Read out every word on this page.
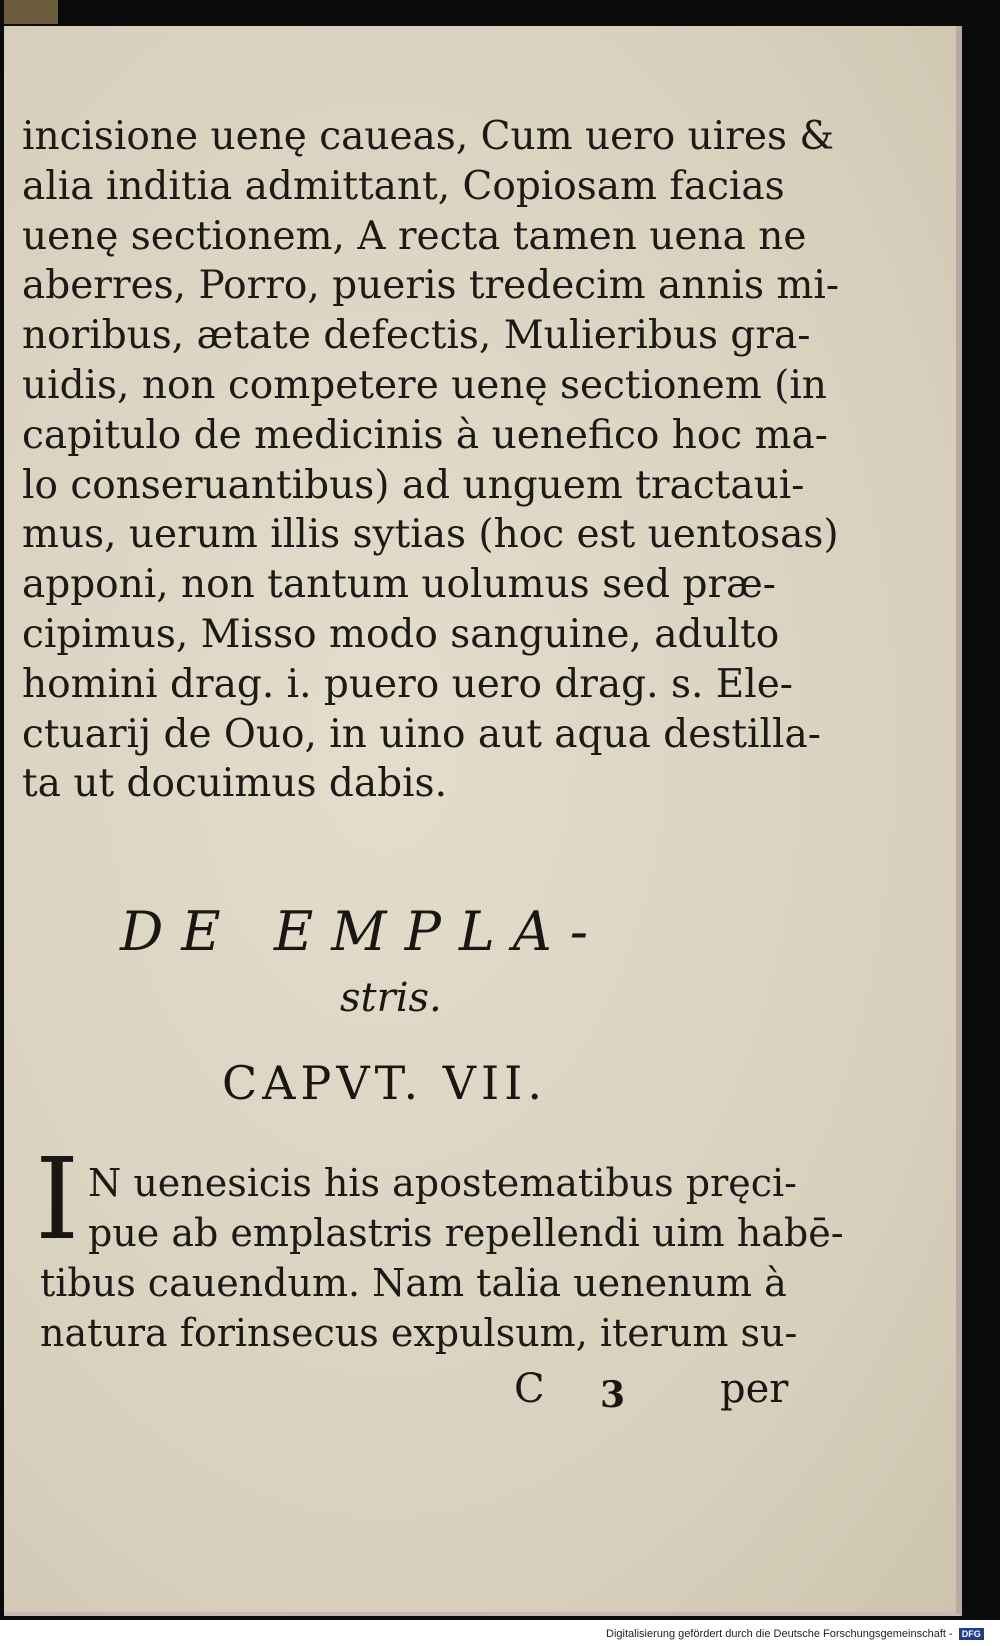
incisione uenę caueas, Cum uero uires &
alia inditia admittant, Copiosam facias
uenę sectionem, A recta tamen uena ne
aberres, Porro, pueris tredecim annis mi-
noribus, ætate defectis, Mulieribus gra-
uidis, non competere uenę sectionem (in
capitulo de medicinis à uenefico hoc ma-
lo conseruantibus) ad unguem tractaui-
mus, uerum illis sytias (hoc est uentosas)
apponi, non tantum uolumus sed præ-
cipimus, Misso modo sanguine, adulto
homini drag. i. puero uero drag. s. Ele-
ctuarij de Ouo, in uino aut aqua destilla-
ta ut docuimus dabis.
DE EMPLA-
stris.
CAPVT. VII.
I N uenesicis his apostematibus pręci-
pue ab emplastris repellendi uim habē-
tibus cauendum. Nam talia uenenum à
natura forinsecus expulsum, iterum su-
C 3 per
Digitalisierung gefördert durch die Deutsche Forschungsgemeinschaft - DFG
